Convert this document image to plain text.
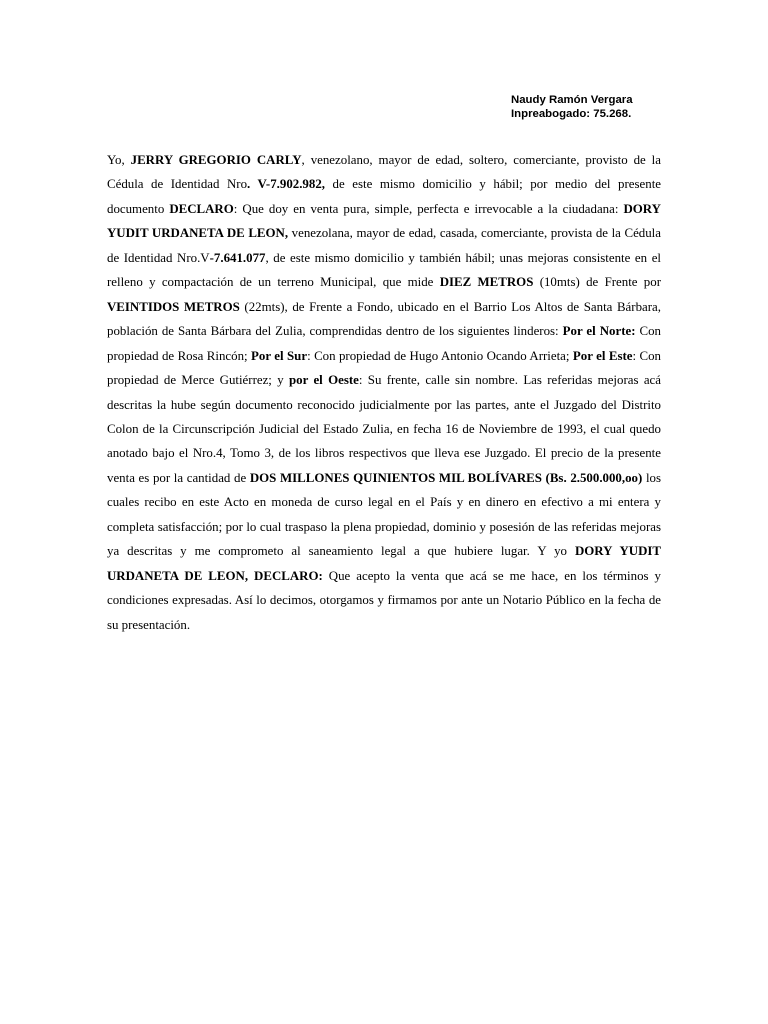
Naudy Ramón Vergara
Inpreabogado: 75.268.
Yo, JERRY GREGORIO CARLY, venezolano, mayor de edad, soltero, comerciante, provisto de la Cédula de Identidad Nro. V-7.902.982, de este mismo domicilio y hábil; por medio del presente documento DECLARO: Que doy en venta pura, simple, perfecta e irrevocable a la ciudadana: DORY YUDIT URDANETA DE LEON, venezolana, mayor de edad, casada, comerciante, provista de la Cédula de Identidad Nro.V-7.641.077, de este mismo domicilio y también hábil; unas mejoras consistente en el relleno y compactación de un terreno Municipal, que mide DIEZ METROS (10mts) de Frente por VEINTIDOS METROS (22mts), de Frente a Fondo, ubicado en el Barrio Los Altos de Santa Bárbara, población de Santa Bárbara del Zulia, comprendidas dentro de los siguientes linderos: Por el Norte: Con propiedad de Rosa Rincón; Por el Sur: Con propiedad de Hugo Antonio Ocando Arrieta; Por el Este: Con propiedad de Merce Gutiérrez; y por el Oeste: Su frente, calle sin nombre. Las referidas mejoras acá descritas la hube según documento reconocido judicialmente por las partes, ante el Juzgado del Distrito Colon de la Circunscripción Judicial del Estado Zulia, en fecha 16 de Noviembre de 1993, el cual quedo anotado bajo el Nro.4, Tomo 3, de los libros respectivos que lleva ese Juzgado. El precio de la presente venta es por la cantidad de DOS MILLONES QUINIENTOS MIL BOLÍVARES (Bs. 2.500.000,oo) los cuales recibo en este Acto en moneda de curso legal en el País y en dinero en efectivo a mi entera y completa satisfacción; por lo cual traspaso la plena propiedad, dominio y posesión de las referidas mejoras ya descritas y me comprometo al saneamiento legal a que hubiere lugar. Y yo DORY YUDIT URDANETA DE LEON, DECLARO: Que acepto la venta que acá se me hace, en los términos y condiciones expresadas. Así lo decimos, otorgamos y firmamos por ante un Notario Público en la fecha de su presentación.
